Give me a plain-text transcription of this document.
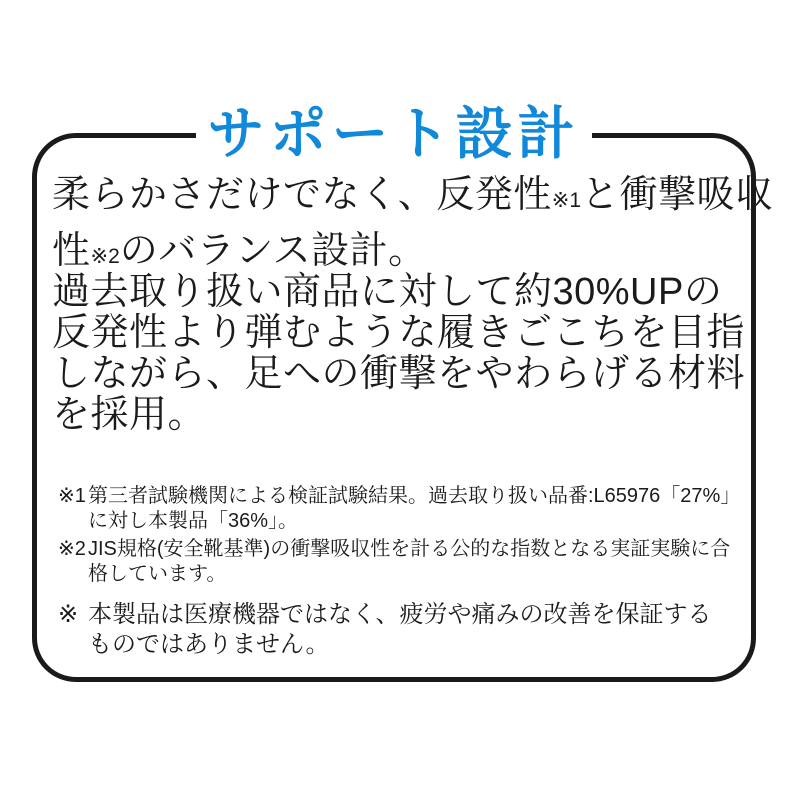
サポート設計
柔らかさだけでなく、反発性※1と衝撃吸収
性※2のバランス設計。
過去取り扱い商品に対して約30%UPの
反発性より弾むような履きごこちを目指
しながら、足への衝撃をやわらげる材料
を採用。
※1 第三者試験機関による検証試験結果。過去取り扱い品番:L65976「27%」
に対し本製品「36%」。
※2 JIS規格(安全靴基準)の衝撃吸収性を計る公的な指数となる実証実験に合
格しています。
※ 本製品は医療機器ではなく、疲労や痛みの改善を保証する
ものではありません。
